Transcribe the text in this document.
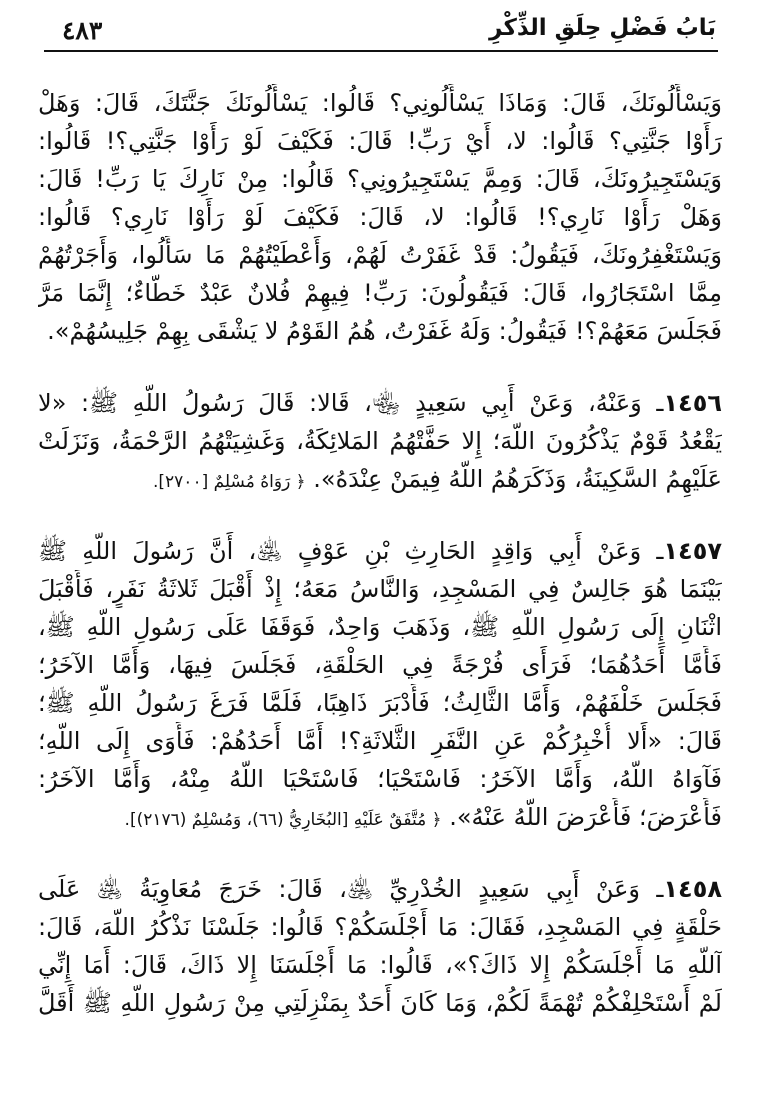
٤٨٣	بَابُ فَضْلِ حِلَقِ الذِّكْرِ
وَيَسْأَلُونَكَ، قَالَ: وَمَاذَا يَسْأَلُونِي؟ قَالُوا: يَسْأَلُونَكَ جَنَّتَكَ، قَالَ: وَهَلْ
رَأَوْا جَنَّتِي؟ قَالُوا: لا، أَيْ رَبِّ! قَالَ: فَكَيْفَ لَوْ رَأَوْا جَنَّتِي؟! قَالُوا:
وَيَسْتَجِيرُونَكَ، قَالَ: وَمِمَّ يَسْتَجِيرُونِي؟ قَالُوا: مِنْ نَارِكَ يَا رَبِّ! قَالَ:
وَهَلْ رَأَوْا نَارِي؟! قَالُوا: لا، قَالَ: فَكَيْفَ لَوْ رَأَوْا نَارِي؟ قَالُوا:
وَيَسْتَغْفِرُونَكَ، فَيَقُولُ: قَدْ غَفَرْتُ لَهُمْ، وَأَعْطَيْتُهُمْ مَا سَأَلُوا، وَأَجَرْتُهُمْ
مِمَّا اسْتَجَارُوا، قَالَ: فَيَقُولُونَ: رَبِّ! فِيهِمْ فُلانٌ عَبْدٌ خَطَّاءٌ؛ إِنَّمَا مَرَّ
فَجَلَسَ مَعَهُمْ؟! فَيَقُولُ: وَلَهُ غَفَرْتُ، هُمُ القَوْمُ لا يَشْقَى بِهِمْ جَلِيسُهُمْ».
١٤٥٦ـ وَعَنْهُ، وَعَنْ أَبِي سَعِيدٍ ﵄، قَالا: قَالَ رَسُولُ اللَّهِ ﷺ: «لا
يَقْعُدُ قَوْمٌ يَذْكُرُونَ اللَّهَ؛ إِلا حَفَّتْهُمُ المَلائِكَةُ، وَغَشِيَتْهُمُ الرَّحْمَةُ، وَنَزَلَتْ
عَلَيْهِمُ السَّكِينَةُ، وَذَكَرَهُمُ اللَّهُ فِيمَنْ عِنْدَهُ». ﴿ رَوَاهُ مُسْلِمٌ [٢٧٠٠].
١٤٥٧ـ وَعَنْ أَبِي وَاقِدٍ الحَارِثِ بْنِ عَوْفٍ ﵁، أَنَّ رَسُولَ اللَّهِ ﷺ
بَيْنَمَا هُوَ جَالِسٌ فِي المَسْجِدِ، وَالنَّاسُ مَعَهُ؛ إِذْ أَقْبَلَ ثَلاثَةُ نَفَرٍ، فَأَقْبَلَ
اثْنَانِ إِلَى رَسُولِ اللَّهِ ﷺ، وَذَهَبَ وَاحِدٌ، فَوَقَفَا عَلَى رَسُولِ اللَّهِ ﷺ،
فَأَمَّا أَحَدُهُمَا؛ فَرَأَى فُرْجَةً فِي الحَلْقَةِ، فَجَلَسَ فِيهَا، وَأَمَّا الآخَرُ؛
فَجَلَسَ خَلْفَهُمْ، وَأَمَّا الثَّالِثُ؛ فَأَدْبَرَ ذَاهِبًا، فَلَمَّا فَرَغَ رَسُولُ اللَّهِ ﷺ؛
قَالَ: «أَلا أُخْبِرُكُمْ عَنِ النَّفَرِ الثَّلاثَةِ؟! أَمَّا أَحَدُهُمْ: فَأَوَى إِلَى اللَّهِ؛
فَآوَاهُ اللَّهُ، وَأَمَّا الآخَرُ: فَاسْتَحْيَا؛ فَاسْتَحْيَا اللَّهُ مِنْهُ، وَأَمَّا الآخَرُ:
فَأَعْرَضَ؛ فَأَعْرَضَ اللَّهُ عَنْهُ». ﴿ مُتَّفَقٌ عَلَيْهِ [البُخَارِيُّ (٦٦)، وَمُسْلِمٌ (٢١٧٦)].
١٤٥٨ـ وَعَنْ أَبِي سَعِيدٍ الخُدْرِيِّ ﵁، قَالَ: خَرَجَ مُعَاوِيَةُ ﵁ عَلَى
حَلْقَةٍ فِي المَسْجِدِ، فَقَالَ: مَا أَجْلَسَكُمْ؟ قَالُوا: جَلَسْنَا نَذْكُرُ اللَّهَ، قَالَ:
آللَّهِ مَا أَجْلَسَكُمْ إِلا ذَاكَ؟»، قَالُوا: مَا أَجْلَسَنَا إِلا ذَاكَ، قَالَ: أَمَا إِنِّي
لَمْ أَسْتَحْلِفْكُمْ تُهْمَةً لَكُمْ، وَمَا كَانَ أَحَدٌ بِمَنْزِلَتِي مِنْ رَسُولِ اللَّهِ ﷺ أَقَلَّ
